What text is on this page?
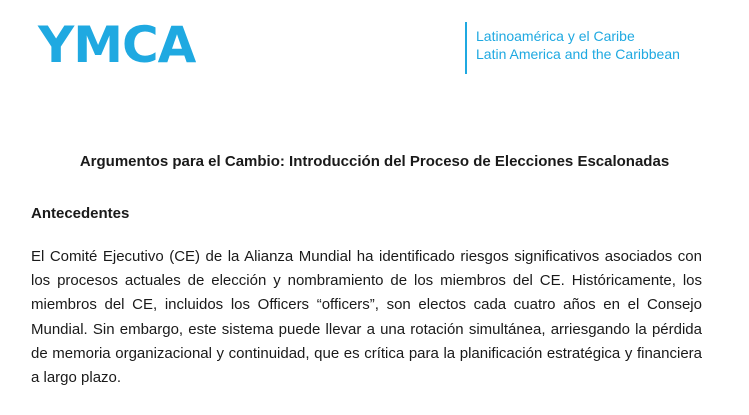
YMCA	Latinoamérica y el Caribe
Latin America and the Caribbean
Argumentos para el Cambio: Introducción del Proceso de Elecciones Escalonadas
Antecedentes
El Comité Ejecutivo (CE) de la Alianza Mundial ha identificado riesgos significativos asociados con los procesos actuales de elección y nombramiento de los miembros del CE. Históricamente, los miembros del CE, incluidos los Officers “officers”, son electos cada cuatro años en el Consejo Mundial. Sin embargo, este sistema puede llevar a una rotación simultánea, arriesgando la pérdida de memoria organizacional y continuidad, que es crítica para la planificación estratégica y financiera a largo plazo.
